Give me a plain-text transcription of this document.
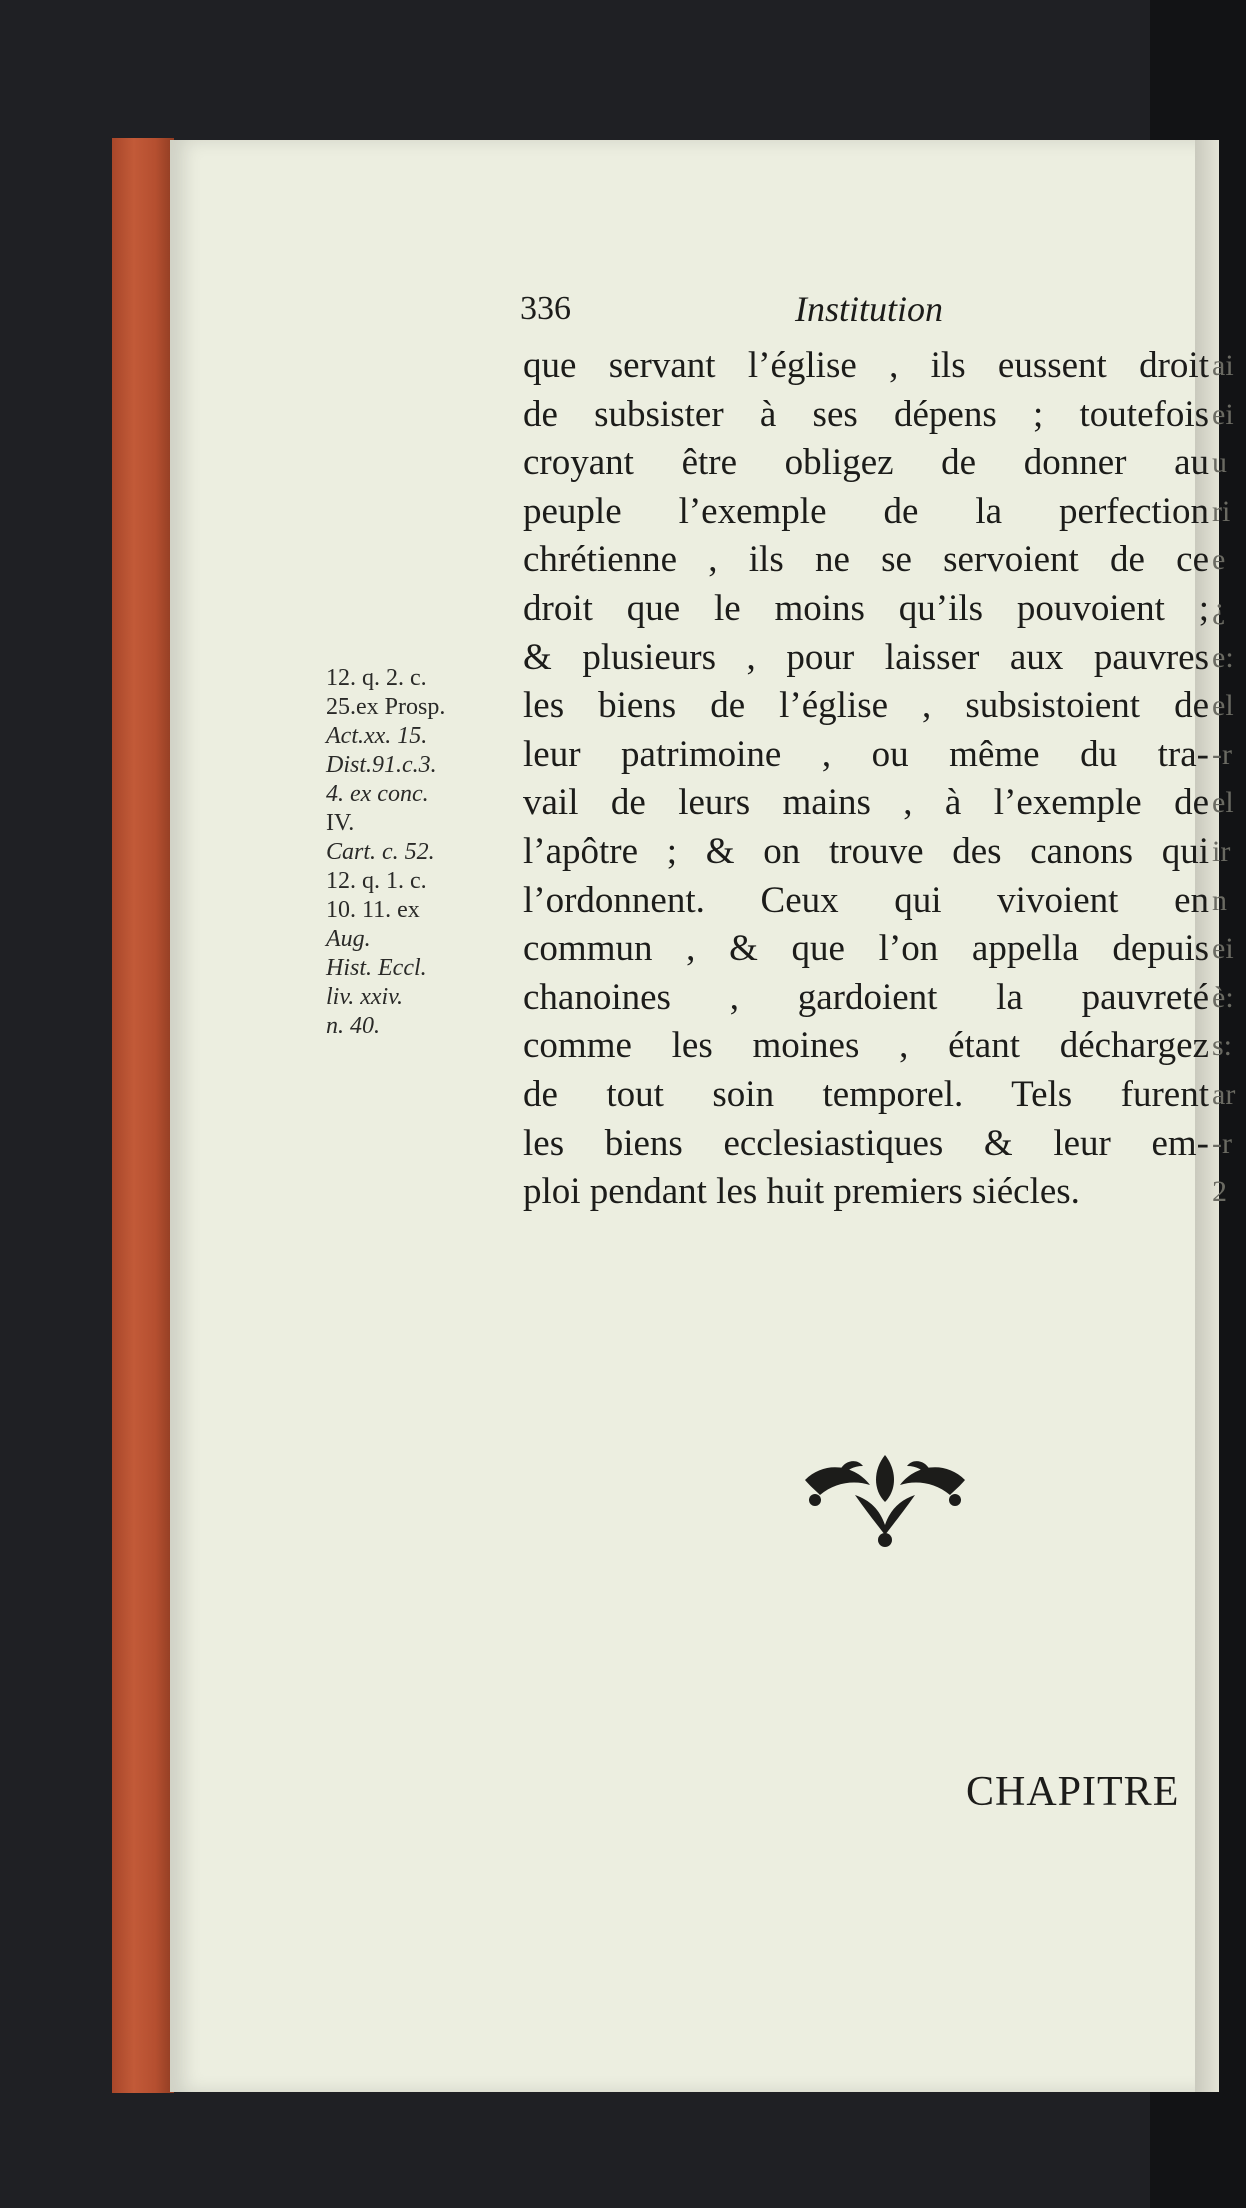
336	Institution
que servant l’église , ils eussent droit
de subsister à ses dépens ; toutefois
croyant être obligez de donner au
peuple l’exemple de la perfection
chrétienne , ils ne se servoient de ce
droit que le moins qu’ils pouvoient ;
& plusieurs , pour laisser aux pauvres
les biens de l’église , subsistoient de
leur patrimoine , ou même du tra-
vail de leurs mains , à l’exemple de
l’apôtre ; & on trouve des canons qui
l’ordonnent. Ceux qui vivoient en
commun , & que l’on appella depuis
chanoines , gardoient la pauvreté
comme les moines , étant déchargez
de tout soin temporel. Tels furent
les biens ecclesiastiques & leur em-
ploi pendant les huit premiers siécles.
12. q. 2. c.
25.ex Prosp.
Act.xx. 15.
Dist.91.c.3.
4. ex conc.
IV.
Cart. c. 52.
12. q. 1. c.
10. 11. ex
Aug.
Hist. Eccl.
liv. xxiv.
n. 40.
ai
ei
u
ri
e
¿
e:
el
-r
el
ir
n
ei
è:
s:
ar
-r
2
CHAPITRE
